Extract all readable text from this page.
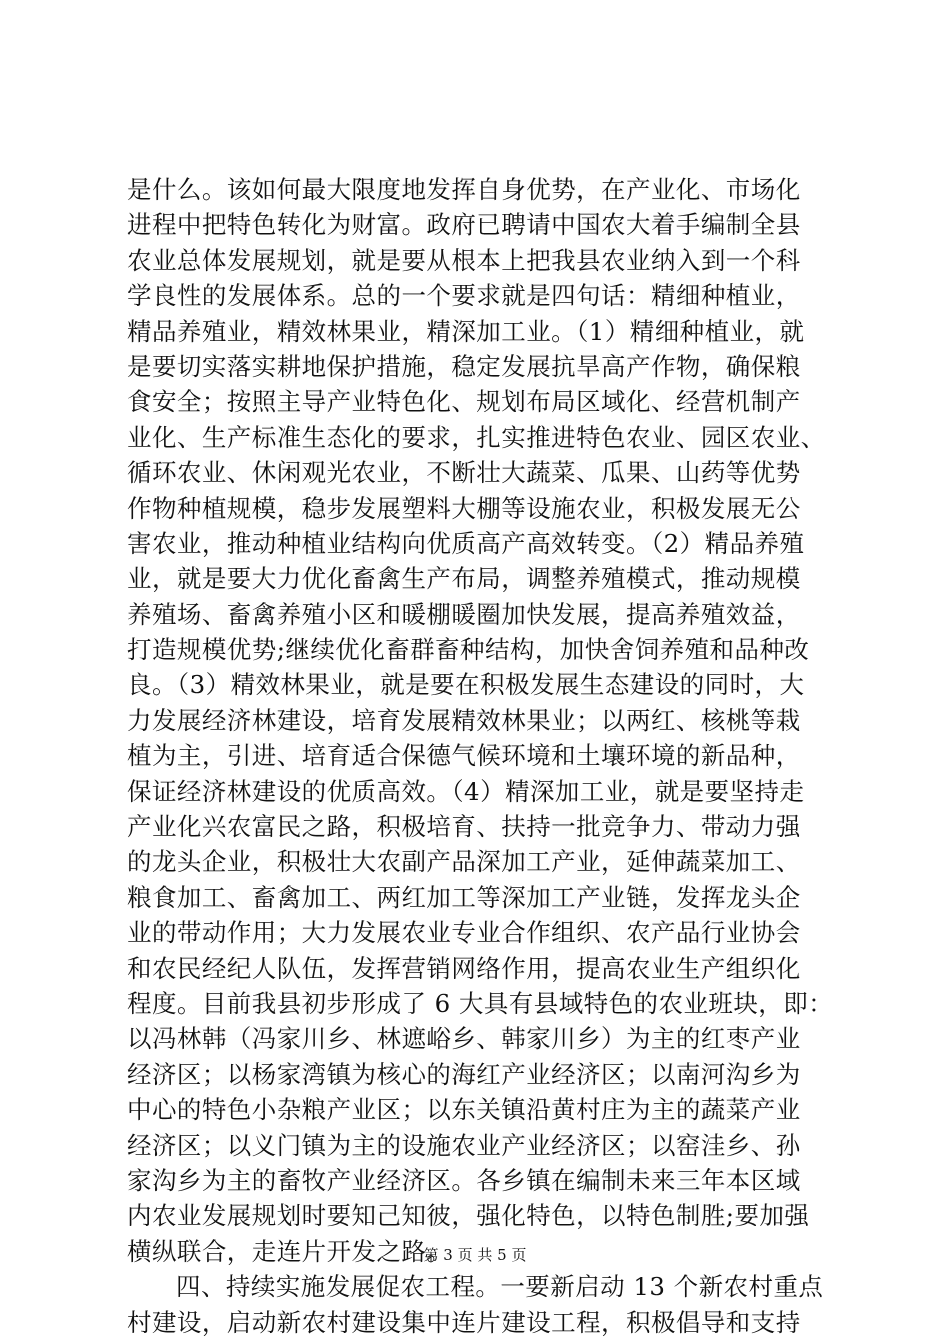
是什么。该如何最大限度地发挥自身优势，在产业化、市场化
进程中把特色转化为财富。政府已聘请中国农大着手编制全县
农业总体发展规划，就是要从根本上把我县农业纳入到一个科
学良性的发展体系。总的一个要求就是四句话：精细种植业，
精品养殖业，精效林果业，精深加工业。（1）精细种植业，就
是要切实落实耕地保护措施，稳定发展抗旱高产作物，确保粮
食安全；按照主导产业特色化、规划布局区域化、经营机制产
业化、生产标准生态化的要求，扎实推进特色农业、园区农业、
循环农业、休闲观光农业，不断壮大蔬菜、瓜果、山药等优势
作物种植规模，稳步发展塑料大棚等设施农业，积极发展无公
害农业，推动种植业结构向优质高产高效转变。（2）精品养殖
业，就是要大力优化畜禽生产布局，调整养殖模式，推动规模
养殖场、畜禽养殖小区和暖棚暖圈加快发展，提高养殖效益，
打造规模优势;继续优化畜群畜种结构，加快舍饲养殖和品种改
良。（3）精效林果业，就是要在积极发展生态建设的同时，大
力发展经济林建设，培育发展精效林果业；以两红、核桃等栽
植为主，引进、培育适合保德气候环境和土壤环境的新品种，
保证经济林建设的优质高效。（4）精深加工业，就是要坚持走
产业化兴农富民之路，积极培育、扶持一批竞争力、带动力强
的龙头企业，积极壮大农副产品深加工产业，延伸蔬菜加工、
粮食加工、畜禽加工、两红加工等深加工产业链，发挥龙头企
业的带动作用；大力发展农业专业合作组织、农产品行业协会
和农民经纪人队伍，发挥营销网络作用，提高农业生产组织化
程度。目前我县初步形成了 6 大具有县域特色的农业班块，即：
以冯林韩（冯家川乡、林遮峪乡、韩家川乡）为主的红枣产业
经济区；以杨家湾镇为核心的海红产业经济区；以南河沟乡为
中心的特色小杂粮产业区；以东关镇沿黄村庄为主的蔬菜产业
经济区；以义门镇为主的设施农业产业经济区；以窑洼乡、孙
家沟乡为主的畜牧产业经济区。各乡镇在编制未来三年本区域
内农业发展规划时要知己知彼，强化特色，以特色制胜;要加强
横纵联合，走连片开发之路。
四、持续实施发展促农工程。一要新启动 13 个新农村重点
村建设，启动新农村建设集中连片建设工程，积极倡导和支持
第 3 页 共 5 页
